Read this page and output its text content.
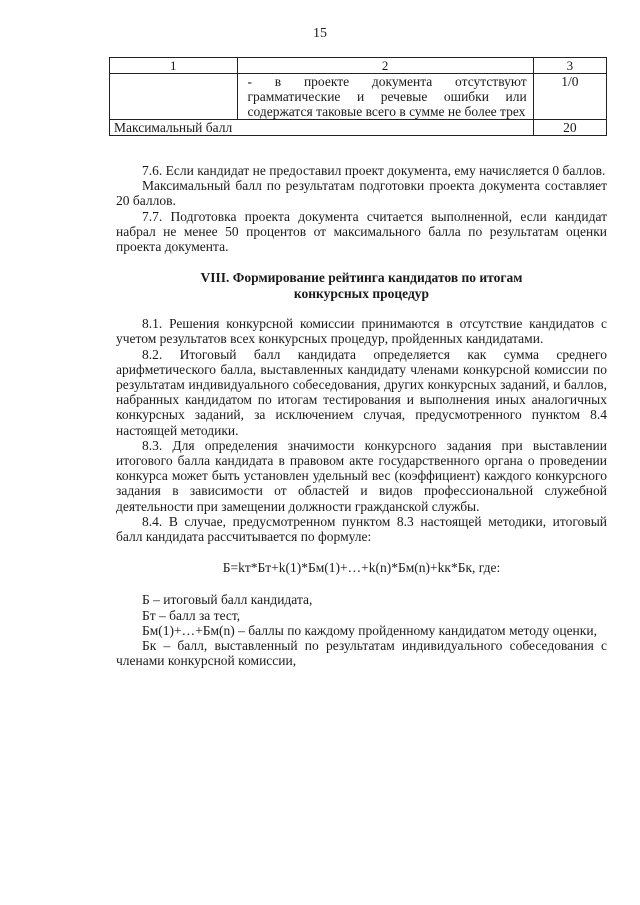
15
1	2	3
	- в проекте документа отсутствуют грамматические и речевые ошибки или содержатся таковые всего в сумме не более трех	1/0
Максимальный балл		20

7.6. Если кандидат не предоставил проект документа, ему начисляется 0 баллов.

Максимальный балл по результатам подготовки проекта документа составляет 20 баллов.

7.7. Подготовка проекта документа считается выполненной, если кандидат набрал не менее 50 процентов от максимального балла по результатам оценки проекта документа.

VIII. Формирование рейтинга кандидатов по итогам
конкурсных процедур

8.1. Решения конкурсной комиссии принимаются в отсутствие кандидатов с учетом результатов всех конкурсных процедур, пройденных кандидатами.

8.2. Итоговый балл кандидата определяется как сумма среднего арифметического балла, выставленных кандидату членами конкурсной комиссии по результатам индивидуального собеседования, других конкурсных заданий, и баллов, набранных кандидатом по итогам тестирования и выполнения иных аналогичных конкурсных заданий, за исключением случая, предусмотренного пунктом 8.4 настоящей методики.

8.3. Для определения значимости конкурсного задания при выставлении итогового балла кандидата в правовом акте государственного органа о проведении конкурса может быть установлен удельный вес (коэффициент) каждого конкурсного задания в зависимости от областей и видов профессиональной служебной деятельности при замещении должности гражданской службы.

8.4. В случае, предусмотренном пунктом 8.3 настоящей методики, итоговый балл кандидата рассчитывается по формуле:

Б=kт*Бт+k(1)*Бм(1)+…+k(n)*Бм(n)+kк*Бк, где:

Б – итоговый балл кандидата,

Бт – балл за тест,

Бм(1)+…+Бм(n) – баллы по каждому пройденному кандидатом методу оценки,

Бк – балл, выставленный по результатам индивидуального собеседования с членами конкурсной комиссии,
